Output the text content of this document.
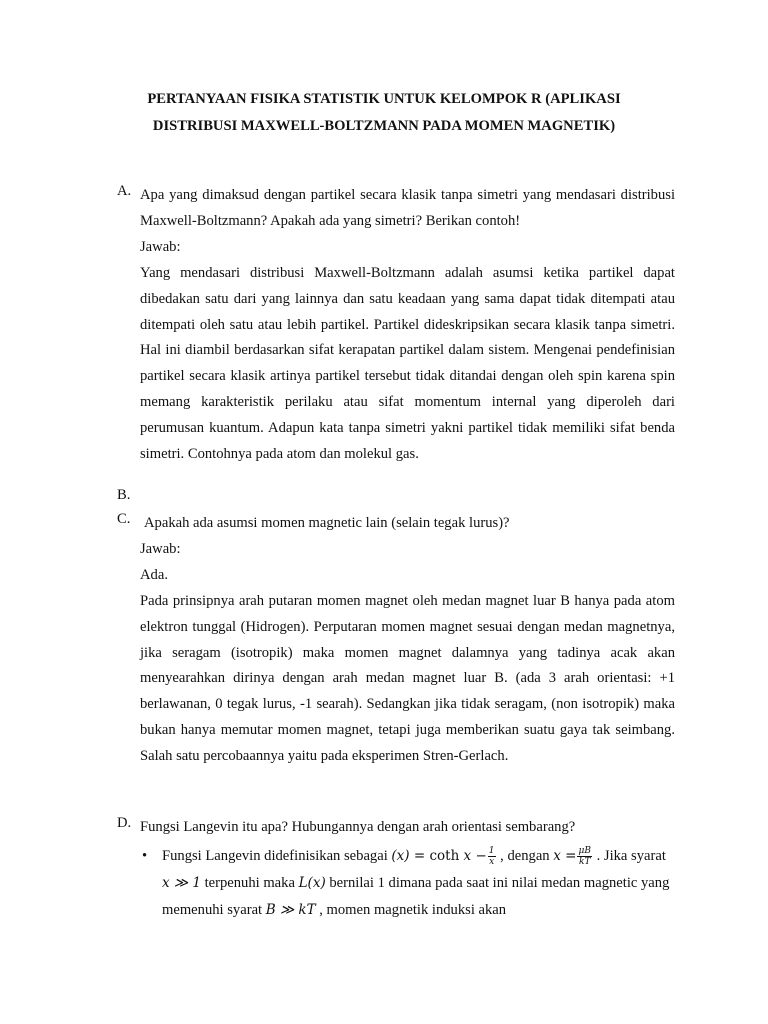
PERTANYAAN FISIKA STATISTIK UNTUK KELOMPOK R (APLIKASI
DISTRIBUSI MAXWELL-BOLTZMANN PADA MOMEN MAGNETIK)
A. Apa yang dimaksud dengan partikel secara klasik tanpa simetri yang mendasari distribusi Maxwell-Boltzmann? Apakah ada yang simetri? Berikan contoh!
Jawab:
Yang mendasari distribusi Maxwell-Boltzmann adalah asumsi ketika partikel dapat dibedakan satu dari yang lainnya dan satu keadaan yang sama dapat tidak ditempati atau ditempati oleh satu atau lebih partikel. Partikel dideskripsikan secara klasik tanpa simetri. Hal ini diambil berdasarkan sifat kerapatan partikel dalam sistem. Mengenai pendefinisian partikel secara klasik artinya partikel tersebut tidak ditandai dengan oleh spin karena spin memang karakteristik perilaku atau sifat momentum internal yang diperoleh dari perumusan kuantum. Adapun kata tanpa simetri yakni partikel tidak memiliki sifat benda simetri. Contohnya pada atom dan molekul gas.
B.
C. Apakah ada asumsi momen magnetic lain (selain tegak lurus)?
Jawab:
Ada.
Pada prinsipnya arah putaran momen magnet oleh medan magnet luar B hanya pada atom elektron tunggal (Hidrogen). Perputaran momen magnet sesuai dengan medan magnetnya, jika seragam (isotropik) maka momen magnet dalamnya yang tadinya acak akan menyearahkan dirinya dengan arah medan magnet luar B. (ada 3 arah orientasi: +1 berlawanan, 0 tegak lurus, -1 searah). Sedangkan jika tidak seragam, (non isotropik) maka bukan hanya memutar momen magnet, tetapi juga memberikan suatu gaya tak seimbang. Salah satu percobaannya yaitu pada eksperimen Stren-Gerlach.
D. Fungsi Langevin itu apa? Hubungannya dengan arah orientasi sembarang?
• Fungsi Langevin didefinisikan sebagai (x) = coth $x - \frac{1}{x}$ , dengan $x = \frac{\mu B}{kT}$ . Jika syarat x ≫ 1 terpenuhi maka L(x) bernilai 1 dimana pada saat ini nilai medan magnetic yang memenuhi syarat B ≫ kT , momen magnetik induksi akan
